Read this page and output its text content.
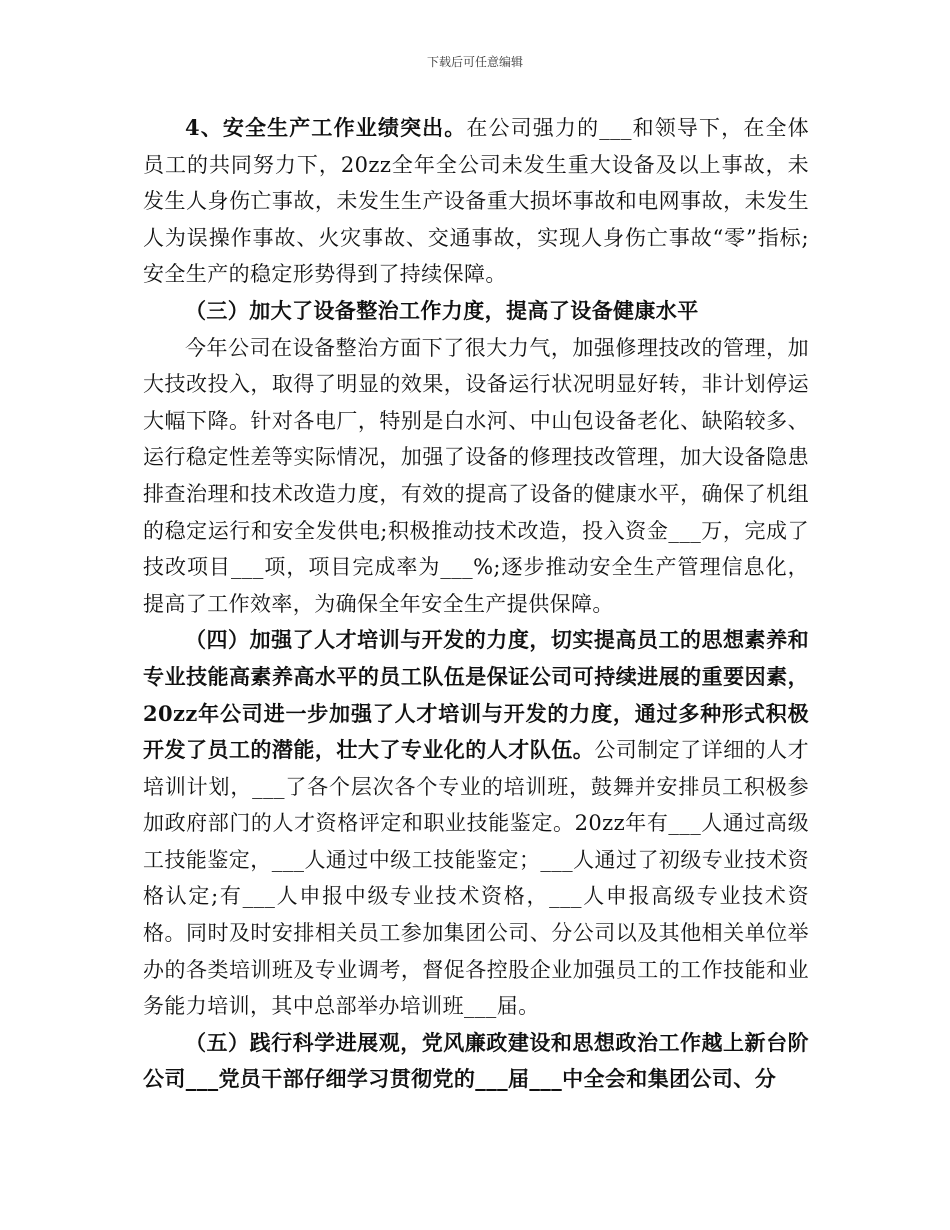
下载后可任意编辑

4、安全生产工作业绩突出。在公司强力的___和领导下，在全体员工的共同努力下，20zz全年全公司未发生重大设备及以上事故，未发生人身伤亡事故，未发生生产设备重大损坏事故和电网事故，未发生人为误操作事故、火灾事故、交通事故，实现人身伤亡事故“零”指标;安全生产的稳定形势得到了持续保障。

（三）加大了设备整治工作力度，提高了设备健康水平

今年公司在设备整治方面下了很大力气，加强修理技改的管理，加大技改投入，取得了明显的效果，设备运行状况明显好转，非计划停运大幅下降。针对各电厂，特别是白水河、中山包设备老化、缺陷较多、运行稳定性差等实际情况，加强了设备的修理技改管理，加大设备隐患排查治理和技术改造力度，有效的提高了设备的健康水平，确保了机组的稳定运行和安全发供电;积极推动技术改造，投入资金___万，完成了技改项目___项，项目完成率为___%;逐步推动安全生产管理信息化，提高了工作效率，为确保全年安全生产提供保障。

（四）加强了人才培训与开发的力度，切实提高员工的思想素养和专业技能高素养高水平的员工队伍是保证公司可持续进展的重要因素，20zz年公司进一步加强了人才培训与开发的力度，通过多种形式积极开发了员工的潜能，壮大了专业化的人才队伍。公司制定了详细的人才培训计划，___了各个层次各个专业的培训班，鼓舞并安排员工积极参加政府部门的人才资格评定和职业技能鉴定。20zz年有___人通过高级工技能鉴定，___人通过中级工技能鉴定；___人通过了初级专业技术资格认定;有___人申报中级专业技术资格，___人申报高级专业技术资格。同时及时安排相关员工参加集团公司、分公司以及其他相关单位举办的各类培训班及专业调考，督促各控股企业加强员工的工作技能和业务能力培训，其中总部举办培训班___届。

（五）践行科学进展观，党风廉政建设和思想政治工作越上新台阶公司___党员干部仔细学习贯彻党的___届___中全会和集团公司、分
